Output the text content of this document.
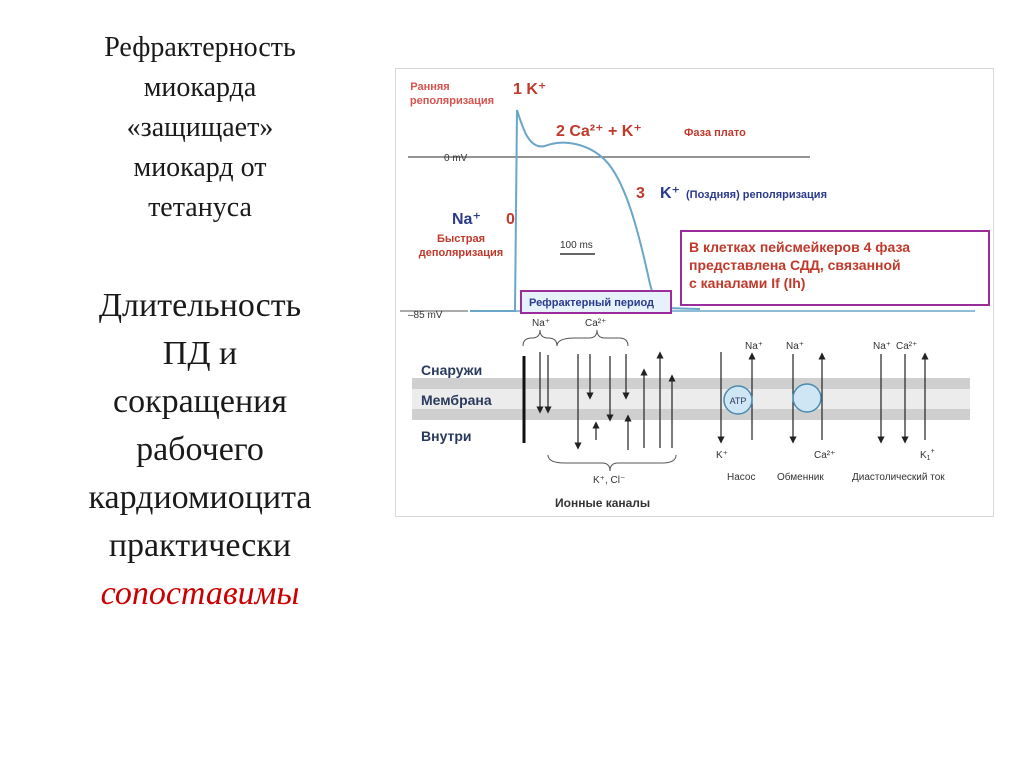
Рефрактерность
миокарда
«защищает»
миокард от
тетануса
Длительность
ПД и
сокращения
рабочего
кардиомиоцита
практически
сопоставимы
Ранняя
реполяризация
1 K⁺
2 Ca²⁺ + K⁺	Фаза плато
0 mV
3 K⁺ (Поздняя) реполяризация
Na⁺ 0
Быстрая
деполяризация
100 ms
–85 mV
Рефрактерный период
В клетках пейсмейкеров 4 фаза
представлена СДД, связанной
с каналами If (Ih)
Снаружи
Мембрана
Внутри
Na⁺	Ca²⁺
K⁺, Cl⁻
Ионные каналы
Na⁺
ATP
K⁺
Насос
Na⁺
Ca²⁺
Обменник
Na⁺ Ca²⁺
$K_1^+$
Диастолический ток
